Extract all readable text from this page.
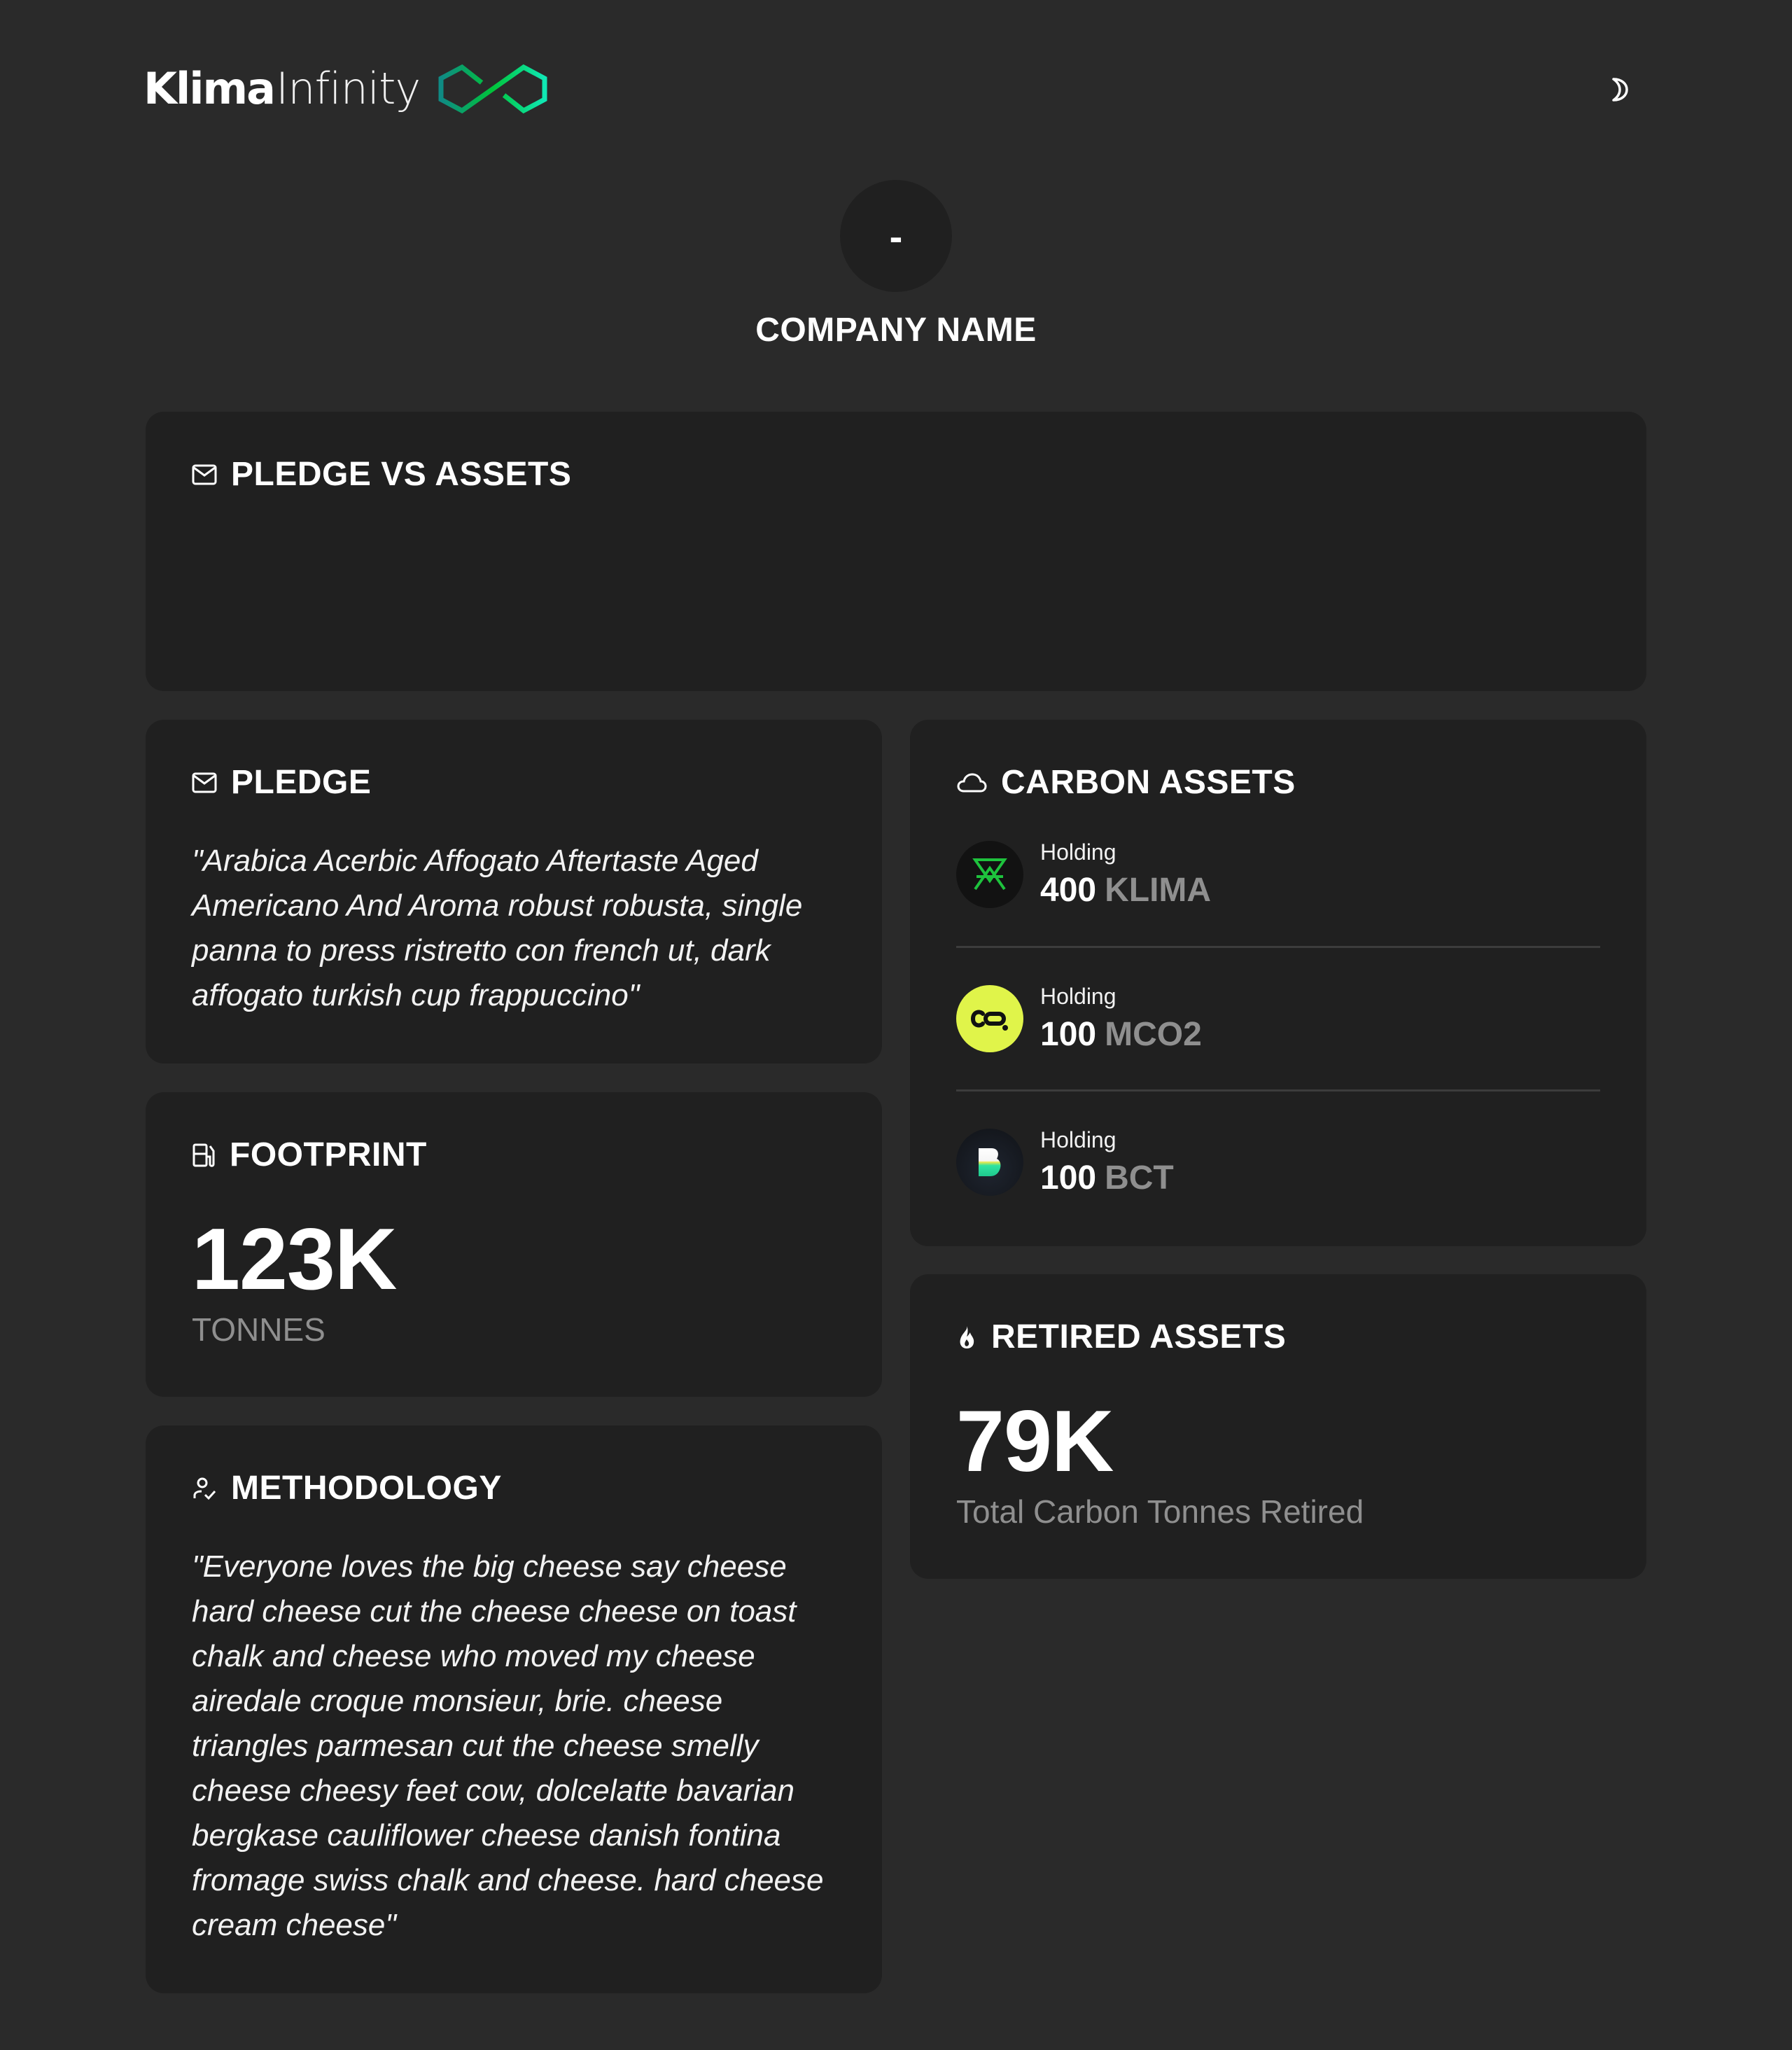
Klima Infinity
-
COMPANY NAME
PLEDGE VS ASSETS
PLEDGE
"Arabica Acerbic Affogato Aftertaste Aged Americano And Aroma robust robusta, single panna to press ristretto con french ut, dark affogato turkish cup frappuccino"
FOOTPRINT
123K
TONNES
METHODOLOGY
"Everyone loves the big cheese say cheese hard cheese cut the cheese cheese on toast chalk and cheese who moved my cheese airedale croque monsieur, brie. cheese triangles parmesan cut the cheese smelly cheese cheesy feet cow, dolcelatte bavarian bergkase cauliflower cheese danish fontina fromage swiss chalk and cheese. hard cheese cream cheese"
CARBON ASSETS
Holding
400 KLIMA
Holding
100 MCO2
Holding
100 BCT
RETIRED ASSETS
79K
Total Carbon Tonnes Retired
